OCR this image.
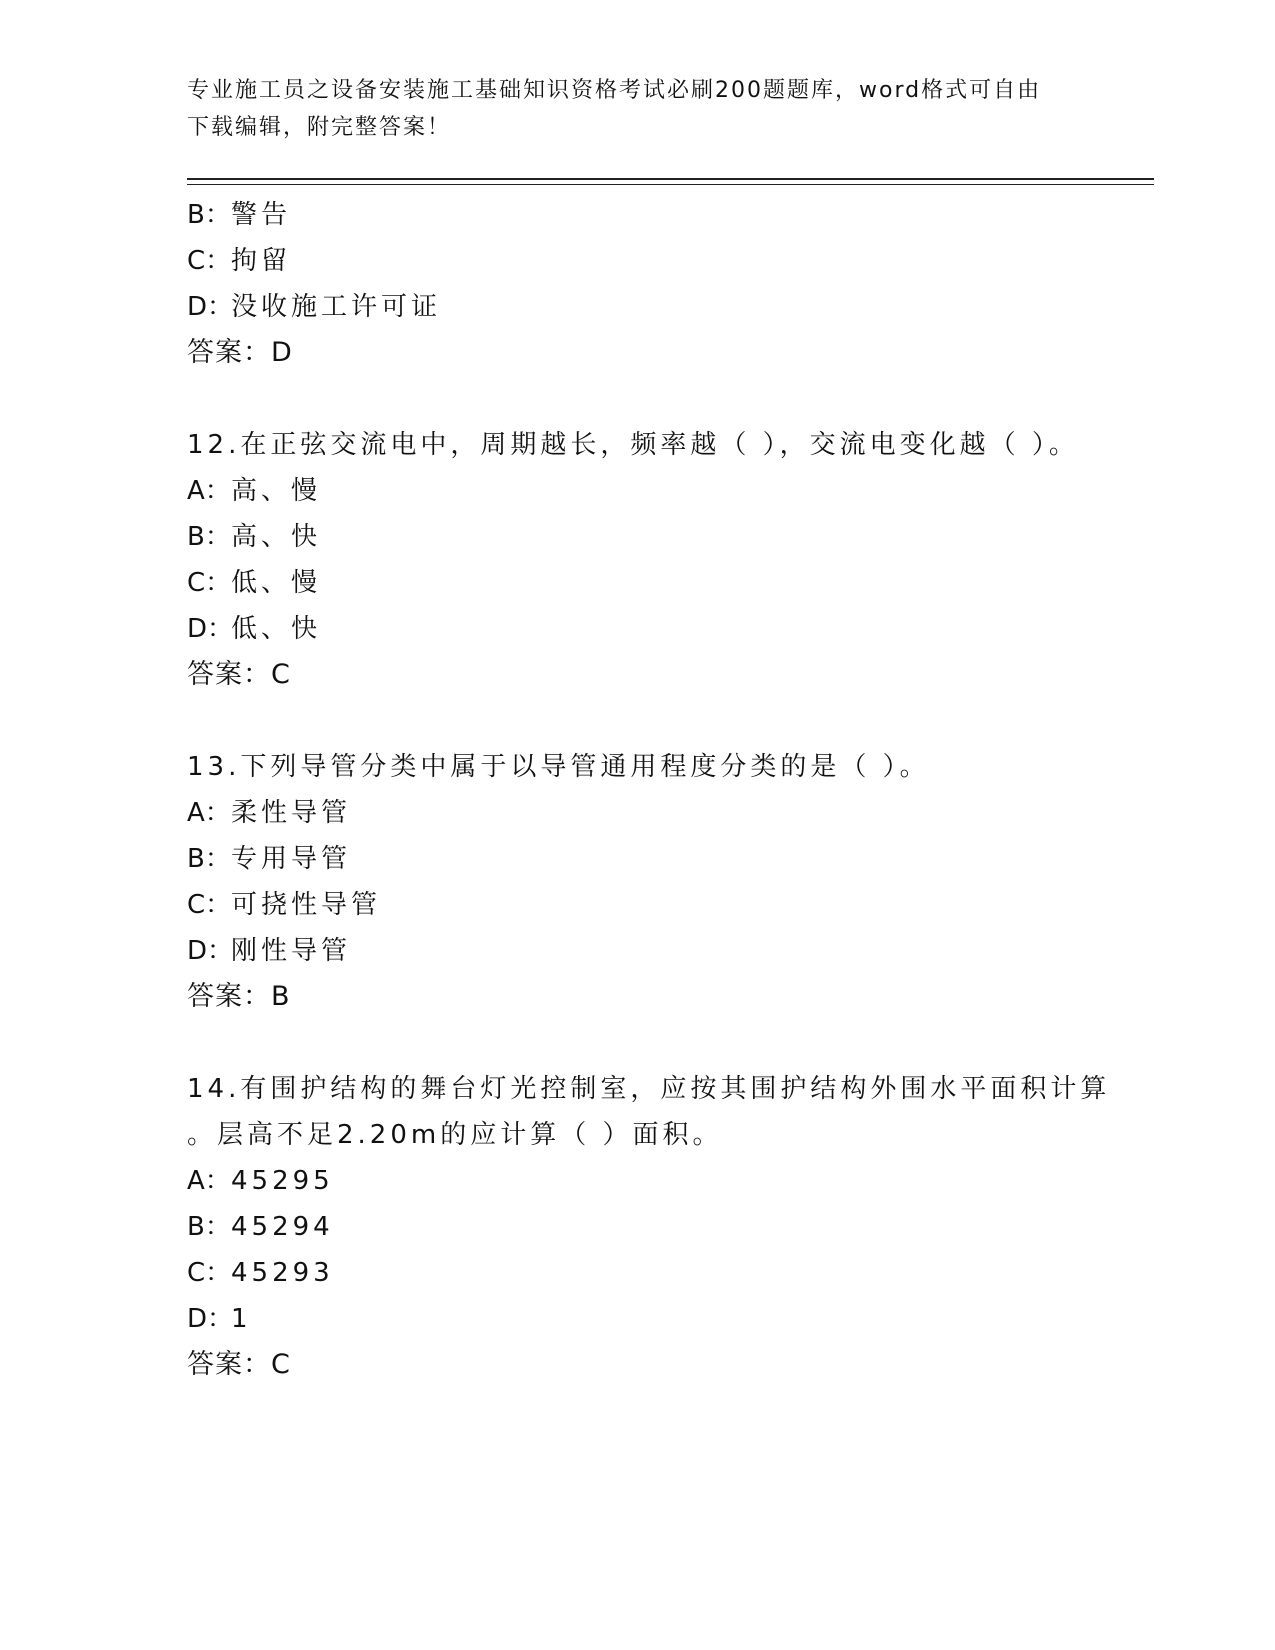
专业施工员之设备安装施工基础知识资格考试必刷200题题库，word格式可自由
下载编辑，附完整答案！
B：警告
C：拘留
D：没收施工许可证
答案：D
12.在正弦交流电中，周期越长，频率越（ ），交流电变化越（ ）。
A：高、慢
B：高、快
C：低、慢
D：低、快
答案：C
13.下列导管分类中属于以导管通用程度分类的是（ ）。
A：柔性导管
B：专用导管
C：可挠性导管
D：刚性导管
答案：B
14.有围护结构的舞台灯光控制室，应按其围护结构外围水平面积计算
。层高不足2.20m的应计算（ ）面积。
A：45295
B：45294
C：45293
D：1
答案：C
